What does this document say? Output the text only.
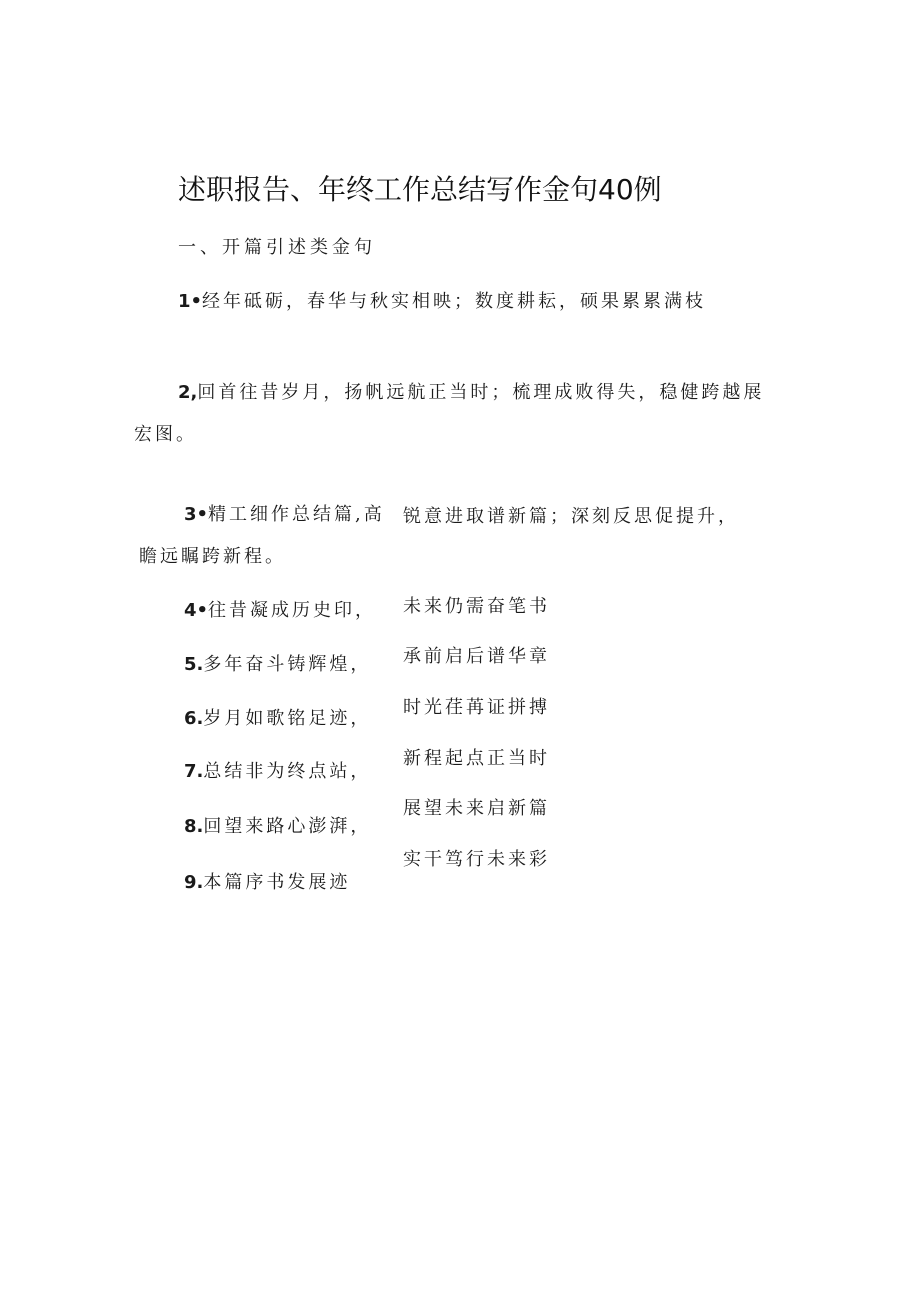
述职报告、年终工作总结写作金句40例
一、开篇引述类金句
1•经年砥砺，春华与秋实相映；数度耕耘，硕果累累满枝
2,回首往昔岁月，扬帆远航正当时；梳理成败得失，稳健跨越展
宏图。
3•精工细作总结篇,高 锐意进取谱新篇；深刻反思促提升，
瞻远瞩跨新程。
4•往昔凝成历史印， 未来仍需奋笔书
5.多年奋斗铸辉煌， 承前启后谱华章
6.岁月如歌铭足迹，
时光荏苒证拼搏
7.总结非为终点站，
新程起点正当时
8.回望来路心澎湃，
展望未来启新篇
实干笃行未来彩
9.本篇序书发展迹
